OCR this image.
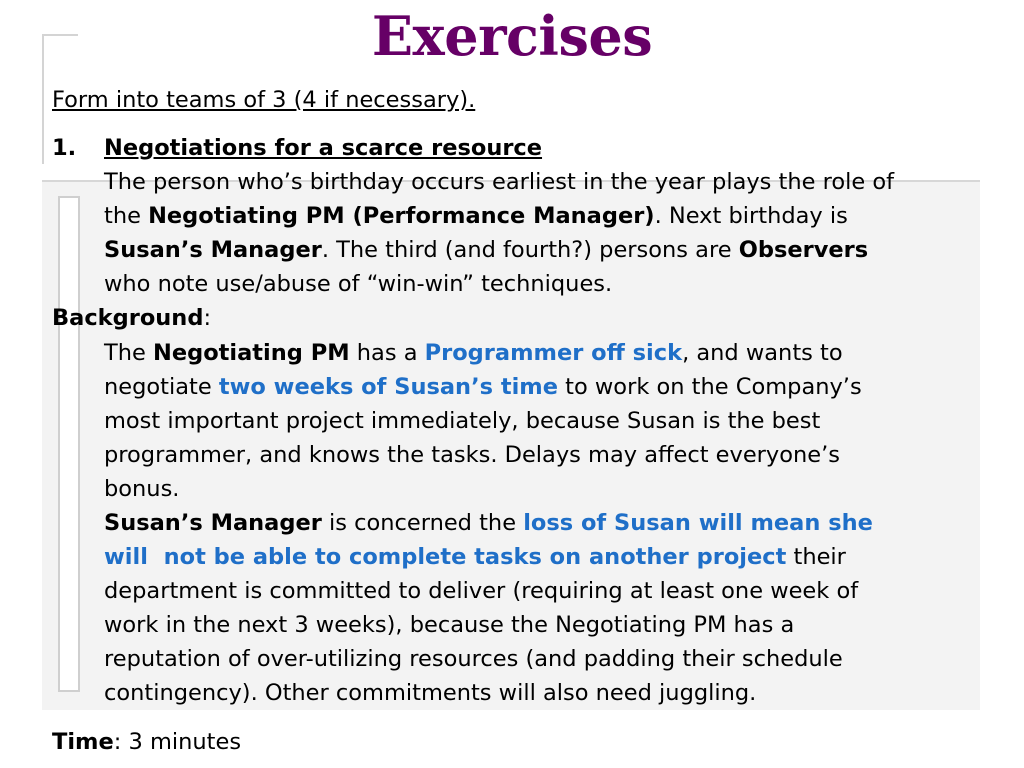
Exercises
Form into teams of 3 (4 if necessary).
1. Negotiations for a scarce resource
The person who’s birthday occurs earliest in the year plays the role of
the Negotiating PM (Performance Manager). Next birthday is
Susan’s Manager. The third (and fourth?) persons are Observers
who note use/abuse of “win-win” techniques.
Background:
The Negotiating PM has a Programmer off sick, and wants to
negotiate two weeks of Susan’s time to work on the Company’s
most important project immediately, because Susan is the best
programmer, and knows the tasks. Delays may affect everyone’s
bonus.
Susan’s Manager is concerned the loss of Susan will mean she
will  not be able to complete tasks on another project their
department is committed to deliver (requiring at least one week of
work in the next 3 weeks), because the Negotiating PM has a
reputation of over-utilizing resources (and padding their schedule
contingency). Other commitments will also need juggling.
Time: 3 minutes
